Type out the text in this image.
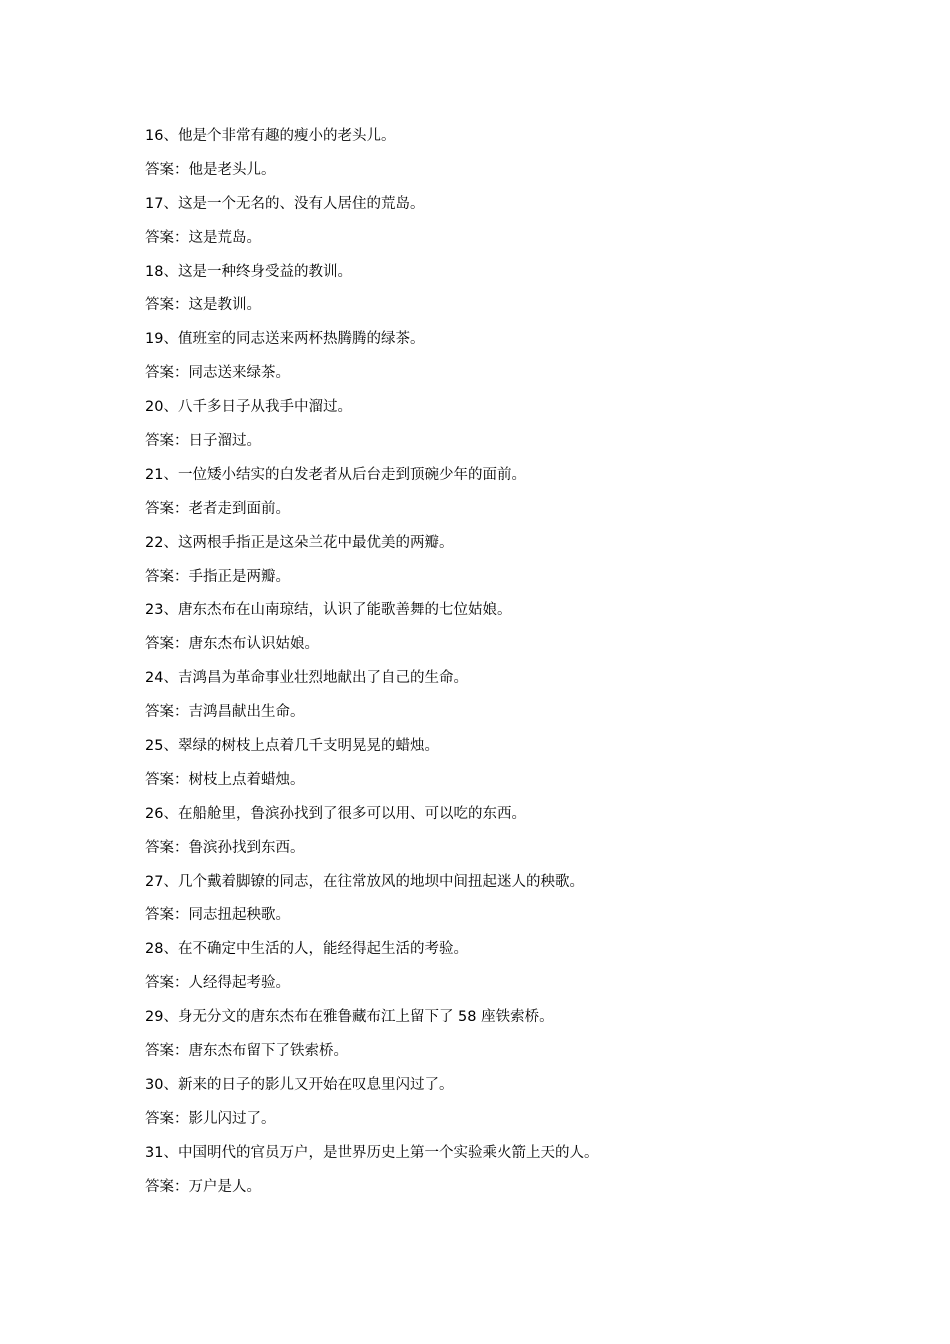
16、他是个非常有趣的瘦小的老头儿。
答案：他是老头儿。
17、这是一个无名的、没有人居住的荒岛。
答案：这是荒岛。
18、这是一种终身受益的教训。
答案：这是教训。
19、值班室的同志送来两杯热腾腾的绿茶。
答案：同志送来绿茶。
20、八千多日子从我手中溜过。
答案：日子溜过。
21、一位矮小结实的白发老者从后台走到顶碗少年的面前。
答案：老者走到面前。
22、这两根手指正是这朵兰花中最优美的两瓣。
答案：手指正是两瓣。
23、唐东杰布在山南琼结，认识了能歌善舞的七位姑娘。
答案：唐东杰布认识姑娘。
24、吉鸿昌为革命事业壮烈地献出了自己的生命。
答案：吉鸿昌献出生命。
25、翠绿的树枝上点着几千支明晃晃的蜡烛。
答案：树枝上点着蜡烛。
26、在船舱里，鲁滨孙找到了很多可以用、可以吃的东西。
答案：鲁滨孙找到东西。
27、几个戴着脚镣的同志，在往常放风的地坝中间扭起迷人的秧歌。
答案：同志扭起秧歌。
28、在不确定中生活的人，能经得起生活的考验。
答案：人经得起考验。
29、身无分文的唐东杰布在雅鲁藏布江上留下了 58 座铁索桥。
答案：唐东杰布留下了铁索桥。
30、新来的日子的影儿又开始在叹息里闪过了。
答案：影儿闪过了。
31、中国明代的官员万户，是世界历史上第一个实验乘火箭上天的人。
答案：万户是人。
